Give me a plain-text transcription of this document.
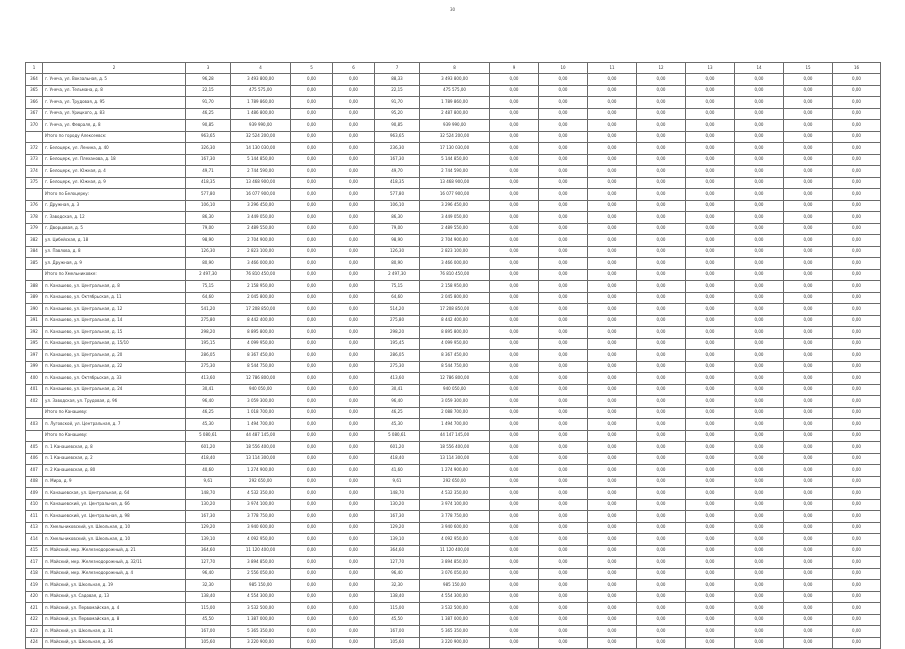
30
1	2	3	4	5	6	7	8	9	10	11	12	13	14	15	16
364	г. Унеча, ул. Вокзальная, д. 5	96,28	3 493 800,00	0,00	0,00	88,33	3 493 800,00	0,00	0,00	0,00	0,00	0,00	0,00	0,00	0,00
365	г. Унеча, ул. Тельмана, д. 8	22,15	475 575,00	0,00	0,00	22,15	475 575,00	0,00	0,00	0,00	0,00	0,00	0,00	0,00	0,00
366	г. Унеча, ул. Трудовая, д. 95	91,70	1 789 860,00	0,00	0,00	91,70	1 789 860,00	0,00	0,00	0,00	0,00	0,00	0,00	0,00	0,00
367	г. Унеча, ул. Урицкого, д. 83	46,25	1 486 800,00	0,00	0,00	95,20	2 487 800,00	0,00	0,00	0,00	0,00	0,00	0,00	0,00	0,00
370	г. Унеча, ул. Февраля, д. 8	90,85	939 990,00	0,00	0,00	90,85	939 990,00	0,00	0,00	0,00	0,00	0,00	0,00	0,00	0,00
	Итого по городу Алексеевск:	963,65	32 524 200,00	0,00	0,00	963,65	32 524 200,00	0,00	0,00	0,00	0,00	0,00	0,00	0,00	0,00
372	г. Белоцерк, ул. Ленина, д. 40	326,30	14 130 030,00	0,00	0,00	236,30	17 130 030,00	0,00	0,00	0,00	0,00	0,00	0,00	0,00	0,00
373	г. Белоцерк, ул. Плеханова, д. 18	167,30	5 144 850,00	0,00	0,00	167,30	5 144 850,00	0,00	0,00	0,00	0,00	0,00	0,00	0,00	0,00
374	г. Белоцерк, ул. Южная, д. 4	49,71	2 744 590,00	0,00	0,00	49,70	2 744 590,00	0,00	0,00	0,00	0,00	0,00	0,00	0,00	0,00
375	г. Белоцерк, ул. Южная, д. 9	418,35	13 468 900,00	0,00	0,00	418,35	13 468 900,00	0,00	0,00	0,00	0,00	0,00	0,00	0,00	0,00
	Итого по Белоцерку:	577,80	16 077 900,00	0,00	0,00	577,80	16 077 900,00	0,00	0,00	0,00	0,00	0,00	0,00	0,00	0,00
376	г. Дружная, д. 3	106,10	3 296 450,00	0,00	0,00	106,10	3 296 450,00	0,00	0,00	0,00	0,00	0,00	0,00	0,00	0,00
378	г. Заводская, д. 12	86,30	3 449 050,00	0,00	0,00	86,30	3 449 050,00	0,00	0,00	0,00	0,00	0,00	0,00	0,00	0,00
379	г. Дворцовая, д. 5	79,00	2 489 550,00	0,00	0,00	79,00	2 489 550,00	0,00	0,00	0,00	0,00	0,00	0,00	0,00	0,00
382	ул. Цибейская, д. 18	98,90	2 704 900,00	0,00	0,00	98,90	2 704 900,00	0,00	0,00	0,00	0,00	0,00	0,00	0,00	0,00
384	ул. Павлова, д. 8	126,30	2 823 100,00	0,00	0,00	126,30	2 823 100,00	0,00	0,00	0,00	0,00	0,00	0,00	0,00	0,00
385	ул. Дружная, д. 9	80,90	3 466 000,00	0,00	0,00	80,90	3 466 000,00	0,00	0,00	0,00	0,00	0,00	0,00	0,00	0,00
	Итого по Хмельниковке:	2 497,30	76 810 450,00	0,00	0,00	2 497,30	76 810 450,00	0,00	0,00	0,00	0,00	0,00	0,00	0,00	0,00
388	п. Канашево, ул. Центральная, д. 8	75,15	2 158 950,00	0,00	0,00	75,15	2 158 950,00	0,00	0,00	0,00	0,00	0,00	0,00	0,00	0,00
389	п. Канашево, ул. Октябрьская, д. 11	64,60	2 045 800,00	0,00	0,00	64,60	2 045 800,00	0,00	0,00	0,00	0,00	0,00	0,00	0,00	0,00
390	п. Канашево, ул. Центральная, д. 12	541,20	17 208 850,00	0,00	0,00	514,20	17 208 850,00	0,00	0,00	0,00	0,00	0,00	0,00	0,00	0,00
391	п. Канашево, ул. Центральная, д. 14	275,80	8 442 400,00	0,00	0,00	275,80	8 442 400,00	0,00	0,00	0,00	0,00	0,00	0,00	0,00	0,00
392	п. Канашево, ул. Центральная, д. 15	298,20	8 895 800,00	0,00	0,00	298,20	8 895 800,00	0,00	0,00	0,00	0,00	0,00	0,00	0,00	0,00
395	п. Канашево, ул. Центральная, д. 15/10	195,15	4 099 950,00	0,00	0,00	195,45	4 099 950,00	0,00	0,00	0,00	0,00	0,00	0,00	0,00	0,00
397	п. Канашево, ул. Центральная, д. 20	286,05	8 367 450,00	0,00	0,00	286,05	8 367 450,00	0,00	0,00	0,00	0,00	0,00	0,00	0,00	0,00
399	п. Канашево, ул. Центральная, д. 22	275,30	8 544 750,00	0,00	0,00	275,30	8 544 750,00	0,00	0,00	0,00	0,00	0,00	0,00	0,00	0,00
400	п. Канашево, ул. Октябрьская, д. 33	413,60	12 786 800,00	0,00	0,00	413,60	12 786 800,00	0,00	0,00	0,00	0,00	0,00	0,00	0,00	0,00
401	п. Канашево, ул. Центральная, д. 24	30,41	940 050,00	0,00	0,00	30,41	940 050,00	0,00	0,00	0,00	0,00	0,00	0,00	0,00	0,00
402	ул. Заводская, ул. Трудовая, д. 9б	96,40	3 059 300,00	0,00	0,00	96,40	3 059 300,00	0,00	0,00	0,00	0,00	0,00	0,00	0,00	0,00
	Итого по Канашеву:	46,25	1 018 700,00	0,00	0,00	46,25	2 088 700,00	0,00	0,00	0,00	0,00	0,00	0,00	0,00	0,00
403	п. Луговской, ул. Центральная, д. 7	45,30	1 494 700,00	0,00	0,00	45,30	1 494 700,00	0,00	0,00	0,00	0,00	0,00	0,00	0,00	0,00
	Итого по Канашеву:	5 080,61	44 487 145,00	0,00	0,00	5 080,61	44 147 145,00	0,00	0,00	0,00	0,00	0,00	0,00	0,00	0,00
405	п. 1 Канашевская, д. 8	601,20	18 556 400,00	0,00	0,00	601,20	18 556 400,00	0,00	0,00	0,00	0,00	0,00	0,00	0,00	0,00
406	п. 1 Канашевская, д. 2	418,40	13 114 300,00	0,00	0,00	418,40	13 114 300,00	0,00	0,00	0,00	0,00	0,00	0,00	0,00	0,00
407	п. 2 Канашевская, д. 80	40,60	1 274 900,00	0,00	0,00	41,60	1 274 900,00	0,00	0,00	0,00	0,00	0,00	0,00	0,00	0,00
408	п. Мира, д. 9	9,61	292 650,00	0,00	0,00	9,61	292 650,00	0,00	0,00	0,00	0,00	0,00	0,00	0,00	0,00
409	п. Канашевская, ул. Центральная, д. 64	148,70	4 532 350,00	0,00	0,00	148,70	4 532 350,00	0,00	0,00	0,00	0,00	0,00	0,00	0,00	0,00
410	п. Канашевский, ул. Центральная, д. 66	130,20	3 974 100,00	0,00	0,00	130,20	3 974 100,00	0,00	0,00	0,00	0,00	0,00	0,00	0,00	0,00
411	п. Канашевский, ул. Центральная, д. 98	167,30	3 778 750,00	0,00	0,00	167,30	3 778 750,00	0,00	0,00	0,00	0,00	0,00	0,00	0,00	0,00
413	п. Хмельниковский, ул. Школьная, д. 10	129,20	3 940 600,00	0,00	0,00	129,20	3 940 600,00	0,00	0,00	0,00	0,00	0,00	0,00	0,00	0,00
414	п. Хмельниковский, ул. Школьная, д. 10	139,10	4 092 950,00	0,00	0,00	139,10	4 092 950,00	0,00	0,00	0,00	0,00	0,00	0,00	0,00	0,00
415	п. Майский, мкр. Железнодорожный, д. 21	364,60	11 120 400,00	0,00	0,00	364,60	11 120 400,00	0,00	0,00	0,00	0,00	0,00	0,00	0,00	0,00
417	п. Майский, мкр. Железнодорожный, д. 32/11	127,70	3 894 850,00	0,00	0,00	127,70	3 894 850,00	0,00	0,00	0,00	0,00	0,00	0,00	0,00	0,00
418	п. Майский, мкр. Железнодорожный, д. 4	96,40	2 556 050,00	0,00	0,00	96,40	3 076 050,00	0,00	0,00	0,00	0,00	0,00	0,00	0,00	0,00
419	п. Майский, ул. Школьная, д. 19	32,30	985 150,00	0,00	0,00	32,30	985 150,00	0,00	0,00	0,00	0,00	0,00	0,00	0,00	0,00
420	п. Майский, ул. Садовая, д. 13	138,40	4 554 300,00	0,00	0,00	138,40	4 554 300,00	0,00	0,00	0,00	0,00	0,00	0,00	0,00	0,00
421	п. Майский, ул. Первомайская, д. 4	115,00	3 532 500,00	0,00	0,00	115,00	3 532 500,00	0,00	0,00	0,00	0,00	0,00	0,00	0,00	0,00
422	п. Майский, ул. Первомайская, д. 8	45,50	1 387 000,00	0,00	0,00	45,50	1 387 000,00	0,00	0,00	0,00	0,00	0,00	0,00	0,00	0,00
423	п. Майский, ул. Школьная, д. 31	167,00	5 365 350,00	0,00	0,00	167,00	5 365 350,00	0,00	0,00	0,00	0,00	0,00	0,00	0,00	0,00
424	п. Майский, ул. Школьная, д. 36	105,60	3 220 900,00	0,00	0,00	105,60	3 220 900,00	0,00	0,00	0,00	0,00	0,00	0,00	0,00	0,00
